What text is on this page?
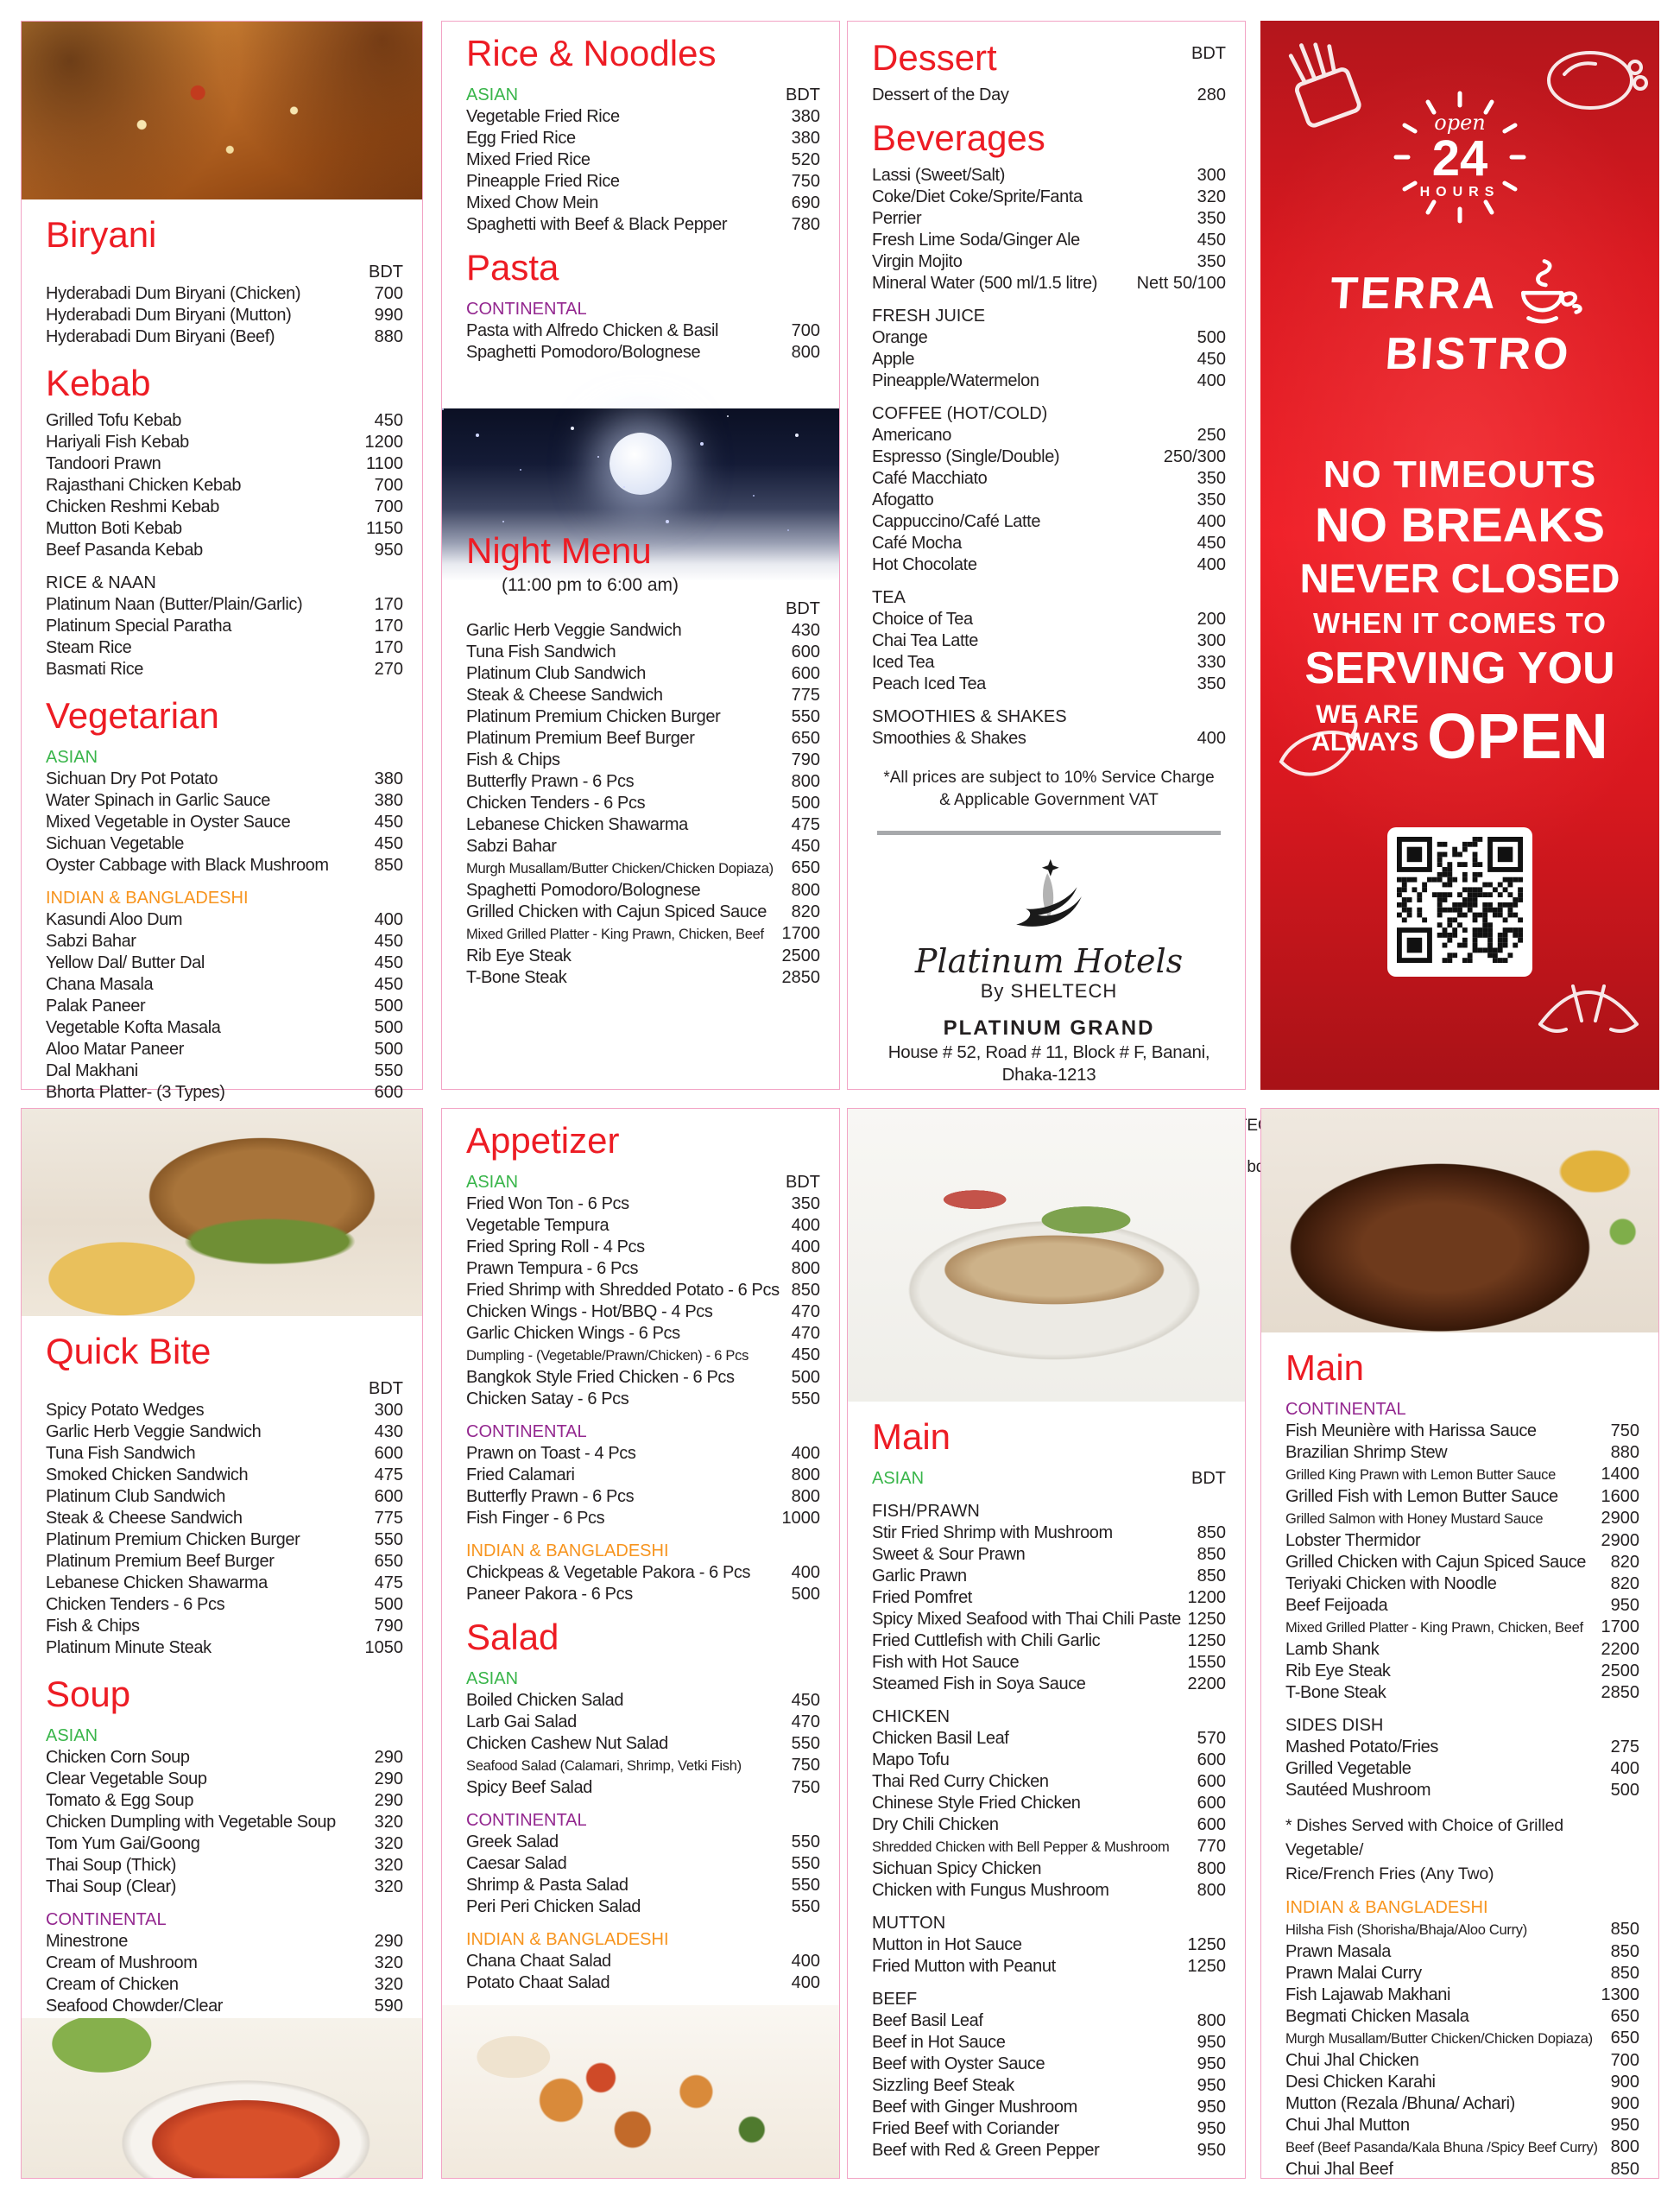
Biryani
BDT
Hyderabadi Dum Biryani (Chicken)	700
Hyderabadi Dum Biryani (Mutton)	990
Hyderabadi Dum Biryani (Beef)	880
Kebab
Grilled Tofu Kebab	450
Hariyali Fish Kebab	1200
Tandoori Prawn	1100
Rajasthani Chicken Kebab	700
Chicken Reshmi Kebab	700
Mutton Boti Kebab	1150
Beef Pasanda Kebab	950
RICE & NAAN
Platinum Naan (Butter/Plain/Garlic)	170
Platinum Special Paratha	170
Steam Rice	170
Basmati Rice	270
Vegetarian
ASIAN
Sichuan Dry Pot Potato	380
Water Spinach in Garlic Sauce	380
Mixed Vegetable in Oyster Sauce	450
Sichuan Vegetable	450
Oyster Cabbage with Black Mushroom	850
INDIAN & BANGLADESHI
Kasundi Aloo Dum	400
Sabzi Bahar	450
Yellow Dal/ Butter Dal	450
Chana Masala	450
Palak Paneer	500
Vegetable Kofta Masala	500
Aloo Matar Paneer	500
Dal Makhani	550
Bhorta Platter- (3 Types)	600
Rice & Noodles
ASIAN	BDT
Vegetable Fried Rice	380
Egg Fried Rice	380
Mixed Fried Rice	520
Pineapple Fried Rice	750
Mixed Chow Mein	690
Spaghetti with Beef & Black Pepper	780
Pasta
CONTINENTAL
Pasta with Alfredo Chicken & Basil	700
Spaghetti Pomodoro/Bolognese	800
Night Menu
(11:00 pm to 6:00 am)
BDT
Garlic Herb Veggie Sandwich	430
Tuna Fish Sandwich	600
Platinum Club Sandwich	600
Steak & Cheese Sandwich	775
Platinum Premium Chicken Burger	550
Platinum Premium Beef Burger	650
Fish & Chips	790
Butterfly Prawn - 6 Pcs	800
Chicken Tenders - 6 Pcs	500
Lebanese Chicken Shawarma	475
Sabzi Bahar	450
Murgh Musallam/Butter Chicken/Chicken Dopiaza)	650
Spaghetti Pomodoro/Bolognese	800
Grilled Chicken with Cajun Spiced Sauce	820
Mixed Grilled Platter - King Prawn, Chicken, Beef	1700
Rib Eye Steak	2500
T-Bone Steak	2850
Dessert	BDT
Dessert of the Day	280
Beverages
Lassi (Sweet/Salt)	300
Coke/Diet Coke/Sprite/Fanta	320
Perrier	350
Fresh Lime Soda/Ginger Ale	450
Virgin Mojito	350
Mineral Water (500 ml/1.5 litre)	Nett 50/100
FRESH JUICE
Orange	500
Apple	450
Pineapple/Watermelon	400
COFFEE (HOT/COLD)
Americano	250
Espresso (Single/Double)	250/300
Café Macchiato	350
Afogatto	350
Cappuccino/Café Latte	400
Café Mocha	450
Hot Chocolate	400
TEA
Choice of Tea	200
Chai Tea Latte	300
Iced Tea	330
Peach Iced Tea	350
SMOOTHIES & SHAKES
Smoothies & Shakes	400
*All prices are subject to 10% Service Charge
& Applicable Government VAT
Platinum Hotels
By SHELTECH
PLATINUM GRAND
House # 52, Road # 11, Block # F, Banani, Dhaka-1213
open
24
HOURS
TERRA
BISTRO
NO TIMEOUTS
NO BREAKS
NEVER CLOSED
WHEN IT COMES TO
SERVING YOU
WE ARE
ALWAYS OPEN
Quick Bite
BDT
Spicy Potato Wedges	300
Garlic Herb Veggie Sandwich	430
Tuna Fish Sandwich	600
Smoked Chicken Sandwich	475
Platinum Club Sandwich	600
Steak & Cheese Sandwich	775
Platinum Premium Chicken Burger	550
Platinum Premium Beef Burger	650
Lebanese Chicken Shawarma	475
Chicken Tenders - 6 Pcs	500
Fish & Chips	790
Platinum Minute Steak	1050
Soup
ASIAN
Chicken Corn Soup	290
Clear Vegetable Soup	290
Tomato & Egg Soup	290
Chicken Dumpling with Vegetable Soup	320
Tom Yum Gai/Goong	320
Thai Soup (Thick)	320
Thai Soup (Clear)	320
CONTINENTAL
Minestrone	290
Cream of Mushroom	320
Cream of Chicken	320
Seafood Chowder/Clear	590
Appetizer
ASIAN	BDT
Fried Won Ton - 6 Pcs	350
Vegetable Tempura	400
Fried Spring Roll - 4 Pcs	400
Prawn Tempura - 6 Pcs	800
Fried Shrimp with Shredded Potato - 6 Pcs 850
Chicken Wings - Hot/BBQ - 4 Pcs	470
Garlic Chicken Wings - 6 Pcs	470
Dumpling - (Vegetable/Prawn/Chicken) - 6 Pcs	450
Bangkok Style Fried Chicken - 6 Pcs	500
Chicken Satay - 6 Pcs	550
CONTINENTAL
Prawn on Toast - 4 Pcs	400
Fried Calamari	800
Butterfly Prawn - 6 Pcs	800
Fish Finger - 6 Pcs	1000
INDIAN & BANGLADESHI
Chickpeas & Vegetable Pakora - 6 Pcs	400
Paneer Pakora - 6 Pcs	500
Salad
ASIAN
Boiled Chicken Salad	450
Larb Gai Salad	470
Chicken Cashew Nut Salad	550
Seafood Salad (Calamari, Shrimp, Vetki Fish)	750
Spicy Beef Salad	750
CONTINENTAL
Greek Salad	550
Caesar Salad	550
Shrimp & Pasta Salad	550
Peri Peri Chicken Salad	550
INDIAN & BANGLADESHI
Chana Chaat Salad	400
Potato Chaat Salad	400
Main
ASIAN	BDT
FISH/PRAWN
Stir Fried Shrimp with Mushroom	850
Sweet & Sour Prawn	850
Garlic Prawn	850
Fried Pomfret	1200
Spicy Mixed Seafood with Thai Chili Paste 1250
Fried Cuttlefish with Chili Garlic	1250
Fish with Hot Sauce	1550
Steamed Fish in Soya Sauce	2200
CHICKEN
Chicken Basil Leaf	570
Mapo Tofu	600
Thai Red Curry Chicken	600
Chinese Style Fried Chicken	600
Dry Chili Chicken	600
Shredded Chicken with Bell Pepper & Mushroom	770
Sichuan Spicy Chicken	800
Chicken with Fungus Mushroom	800
MUTTON
Mutton in Hot Sauce	1250
Fried Mutton with Peanut	1250
BEEF
Beef Basil Leaf	800
Beef in Hot Sauce	950
Beef with Oyster Sauce	950
Sizzling Beef Steak	950
Beef with Ginger Mushroom	950
Fried Beef with Coriander	950
Beef with Red & Green Pepper	950
Main
CONTINENTAL
Fish Meunière with Harissa Sauce	750
Brazilian Shrimp Stew	880
Grilled King Prawn with Lemon Butter Sauce	1400
Grilled Fish with Lemon Butter Sauce	1600
Grilled Salmon with Honey Mustard Sauce	2900
Lobster Thermidor	2900
Grilled Chicken with Cajun Spiced Sauce	820
Teriyaki Chicken with Noodle	820
Beef Feijoada	950
Mixed Grilled Platter - King Prawn, Chicken, Beef	1700
Lamb Shank	2200
Rib Eye Steak	2500
T-Bone Steak	2850
SIDES DISH
Mashed Potato/Fries	275
Grilled Vegetable	400
Sautéed Mushroom	500
* Dishes Served with Choice of Grilled Vegetable/
Rice/French Fries (Any Two)
INDIAN & BANGLADESHI
Hilsha Fish (Shorisha/Bhaja/Aloo Curry)	850
Prawn Masala	850
Prawn Malai Curry	850
Fish Lajawab Makhani	1300
Begmati Chicken Masala	650
Murgh Musallam/Butter Chicken/Chicken Dopiaza)	650
Chui Jhal Chicken	700
Desi Chicken Karahi	900
Mutton (Rezala /Bhuna/ Achari)	900
Chui Jhal Mutton	950
Beef (Beef Pasanda/Kala Bhuna /Spicy Beef Curry) 800
Chui Jhal Beef	850
